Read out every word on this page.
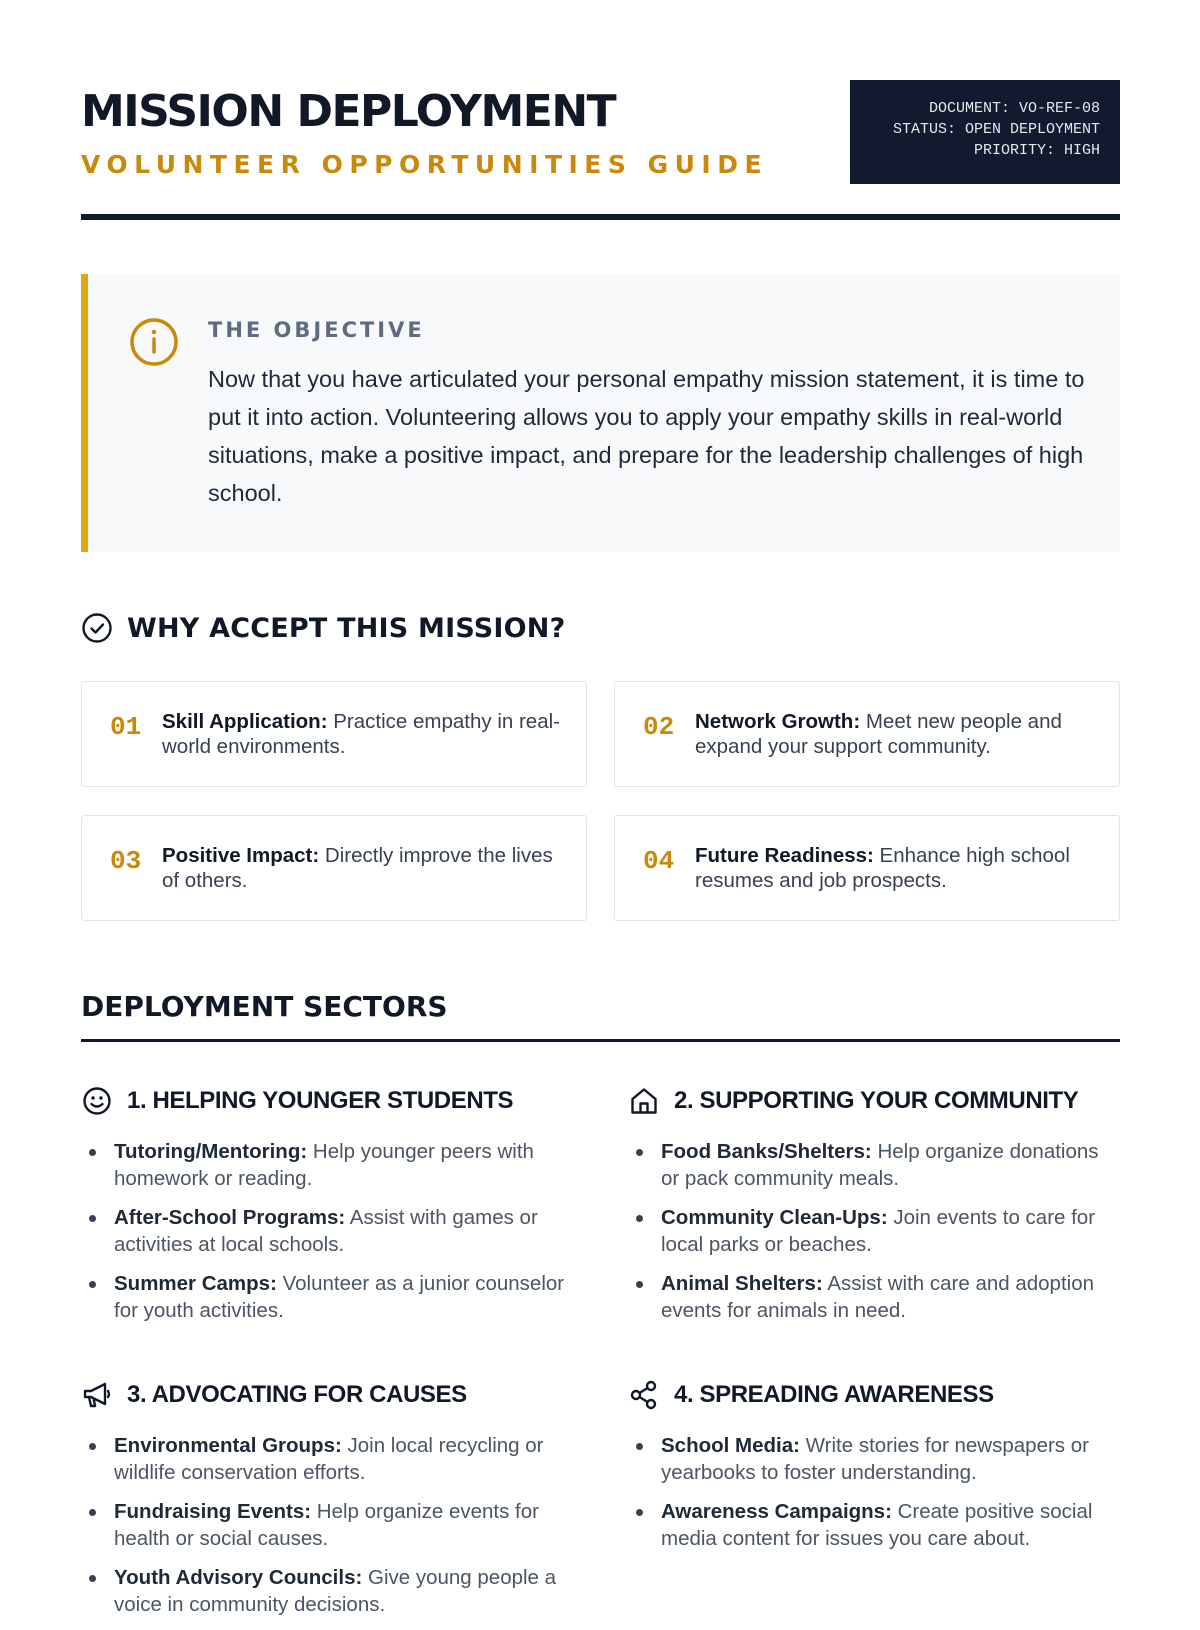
MISSION DEPLOYMENT
VOLUNTEER OPPORTUNITIES GUIDE
DOCUMENT: VO-REF-08
STATUS: OPEN DEPLOYMENT
PRIORITY: HIGH
THE OBJECTIVE
Now that you have articulated your personal empathy mission statement, it is time to put it into action. Volunteering allows you to apply your empathy skills in real-world situations, make a positive impact, and prepare for the leadership challenges of high school.
WHY ACCEPT THIS MISSION?
01 Skill Application: Practice empathy in real-world environments.
02 Network Growth: Meet new people and expand your support community.
03 Positive Impact: Directly improve the lives of others.
04 Future Readiness: Enhance high school resumes and job prospects.
DEPLOYMENT SECTORS
1. HELPING YOUNGER STUDENTS
Tutoring/Mentoring: Help younger peers with homework or reading.
After-School Programs: Assist with games or activities at local schools.
Summer Camps: Volunteer as a junior counselor for youth activities.
2. SUPPORTING YOUR COMMUNITY
Food Banks/Shelters: Help organize donations or pack community meals.
Community Clean-Ups: Join events to care for local parks or beaches.
Animal Shelters: Assist with care and adoption events for animals in need.
3. ADVOCATING FOR CAUSES
Environmental Groups: Join local recycling or wildlife conservation efforts.
Fundraising Events: Help organize events for health or social causes.
Youth Advisory Councils: Give young people a voice in community decisions.
4. SPREADING AWARENESS
School Media: Write stories for newspapers or yearbooks to foster understanding.
Awareness Campaigns: Create positive social media content for issues you care about.
